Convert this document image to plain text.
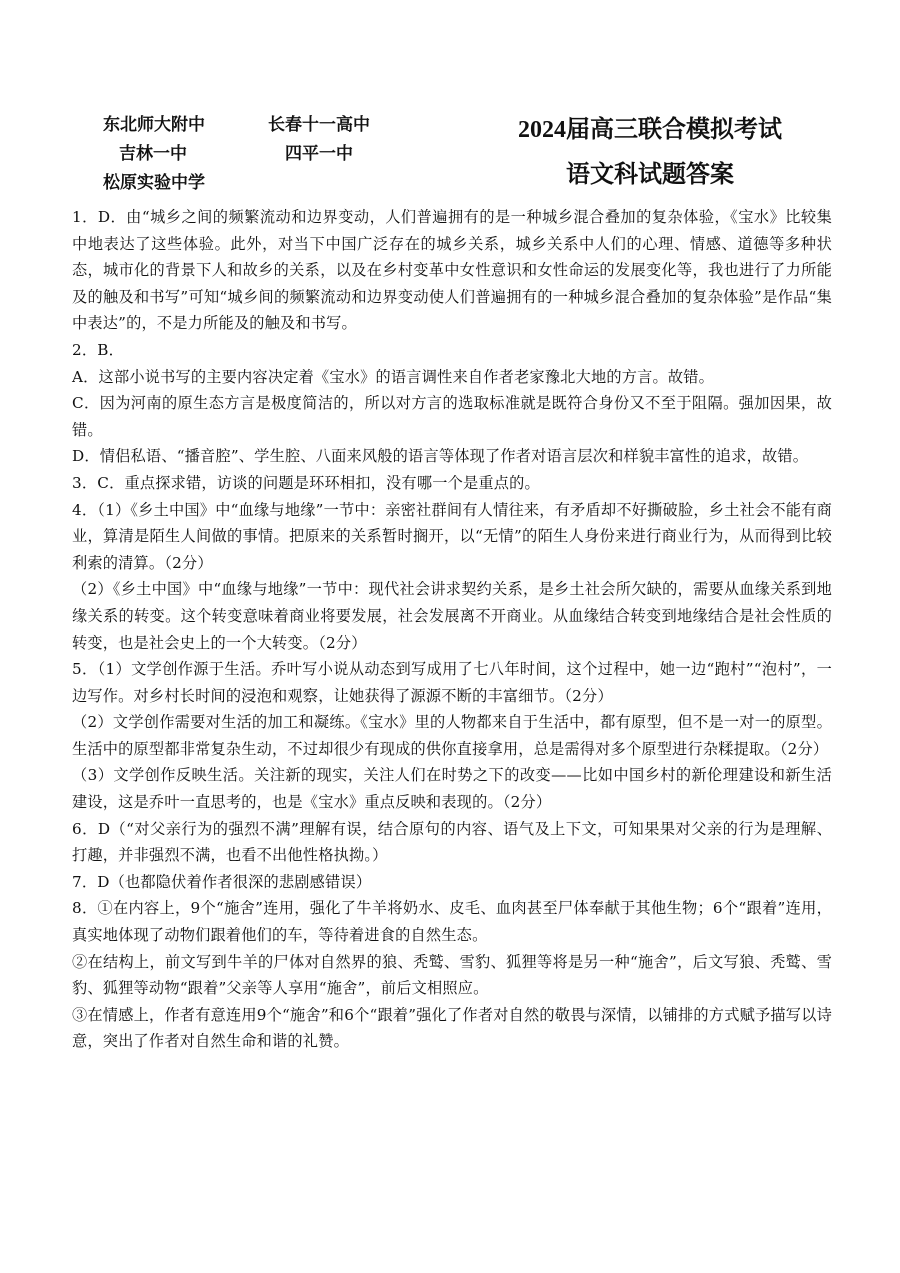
东北师大附中	长春十一高中
吉林一中	四平一中
松原实验中学
2024届高三联合模拟考试
语文科试题答案

1．D．由“城乡之间的频繁流动和边界变动，人们普遍拥有的是一种城乡混合叠加的复杂体验，《宝水》比较集中地表达了这些体验。此外，对当下中国广泛存在的城乡关系，城乡关系中人们的心理、情感、道德等多种状态，城市化的背景下人和故乡的关系，以及在乡村变革中女性意识和女性命运的发展变化等，我也进行了力所能及的触及和书写”可知“城乡间的频繁流动和边界变动使人们普遍拥有的一种城乡混合叠加的复杂体验”是作品“集中表达”的，不是力所能及的触及和书写。

2．B．

A．这部小说书写的主要内容决定着《宝水》的语言调性来自作者老家豫北大地的方言。故错。

C．因为河南的原生态方言是极度简洁的，所以对方言的选取标准就是既符合身份又不至于阻隔。强加因果，故错。

D．情侣私语、“播音腔”、学生腔、八面来风般的语言等体现了作者对语言层次和样貌丰富性的追求，故错。

3．C．重点探求错，访谈的问题是环环相扣，没有哪一个是重点的。

4．（1）《乡土中国》中“血缘与地缘”一节中：亲密社群间有人情往来，有矛盾却不好撕破脸，乡土社会不能有商业，算清是陌生人间做的事情。把原来的关系暂时搁开，以“无情”的陌生人身份来进行商业行为，从而得到比较利索的清算。（2分）

（2）《乡土中国》中“血缘与地缘”一节中：现代社会讲求契约关系，是乡土社会所欠缺的，需要从血缘关系到地缘关系的转变。这个转变意味着商业将要发展，社会发展离不开商业。从血缘结合转变到地缘结合是社会性质的转变，也是社会史上的一个大转变。（2分）

5．（1）文学创作源于生活。乔叶写小说从动态到写成用了七八年时间，这个过程中，她一边“跑村”“泡村”，一边写作。对乡村长时间的浸泡和观察，让她获得了源源不断的丰富细节。（2分）

（2）文学创作需要对生活的加工和凝练。《宝水》里的人物都来自于生活中，都有原型，但不是一对一的原型。生活中的原型都非常复杂生动，不过却很少有现成的供你直接拿用，总是需得对多个原型进行杂糅提取。（2分）

（3）文学创作反映生活。关注新的现实，关注人们在时势之下的改变——比如中国乡村的新伦理建设和新生活建设，这是乔叶一直思考的，也是《宝水》重点反映和表现的。（2分）

6．D（“对父亲行为的强烈不满”理解有误，结合原句的内容、语气及上下文，可知果果对父亲的行为是理解、打趣，并非强烈不满，也看不出他性格执拗。）

7．D（也都隐伏着作者很深的悲剧感错误）

8．①在内容上，9个“施舍”连用，强化了牛羊将奶水、皮毛、血肉甚至尸体奉献于其他生物；6个“跟着”连用，真实地体现了动物们跟着他们的车，等待着进食的自然生态。

②在结构上，前文写到牛羊的尸体对自然界的狼、秃鹫、雪豹、狐狸等将是另一种“施舍”，后文写狼、秃鹫、雪豹、狐狸等动物“跟着”父亲等人享用“施舍”，前后文相照应。

③在情感上，作者有意连用9个“施舍”和6个“跟着”强化了作者对自然的敬畏与深情，以铺排的方式赋予描写以诗意，突出了作者对自然生命和谐的礼赞。
